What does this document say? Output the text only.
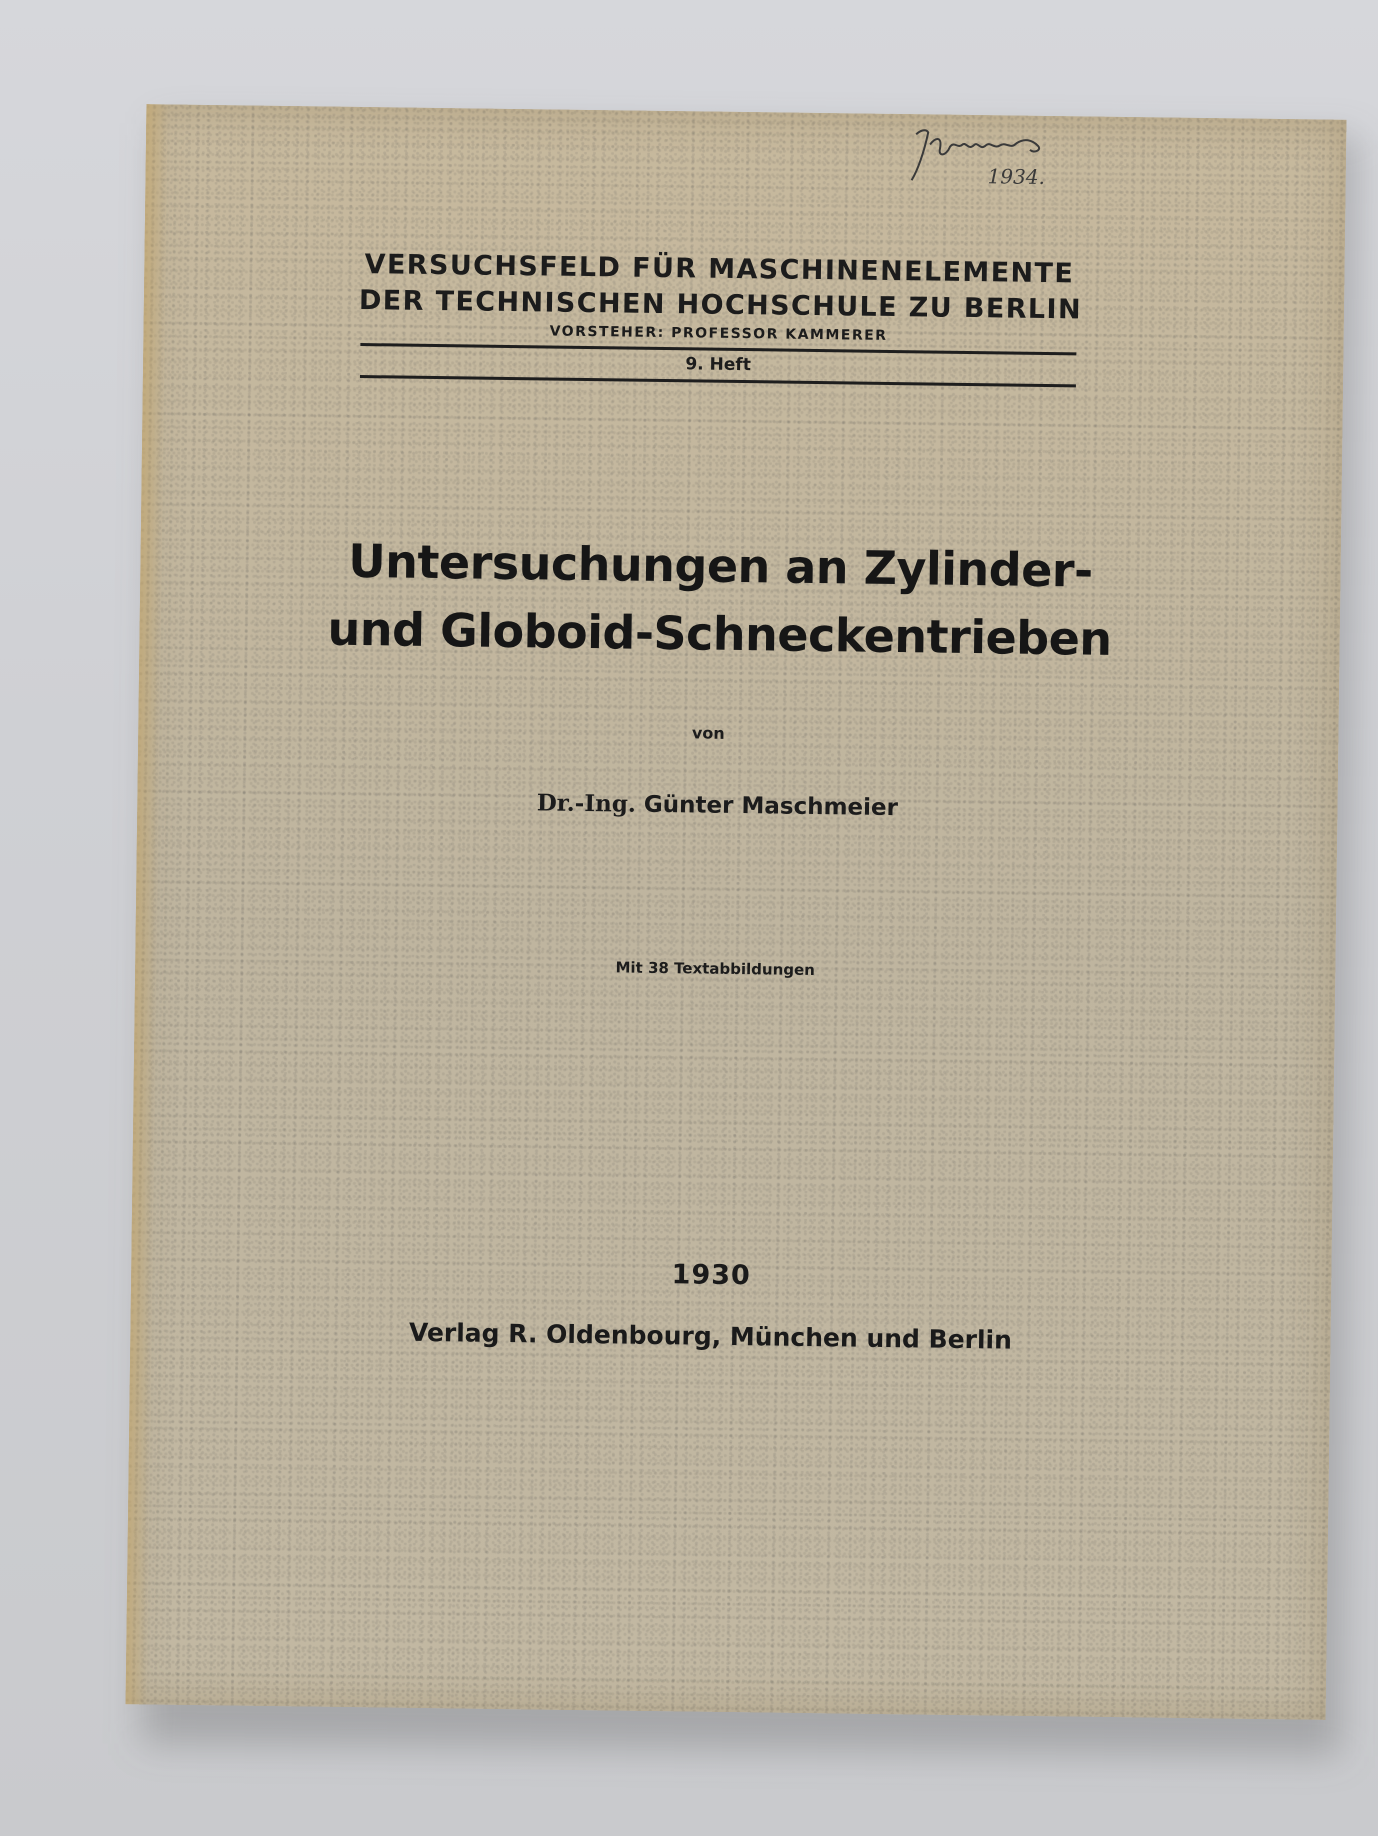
1934.
VERSUCHSFELD FÜR MASCHINENELEMENTE
DER TECHNISCHEN HOCHSCHULE ZU BERLIN
VORSTEHER: PROFESSOR KAMMERER
9. Heft
Untersuchungen an Zylinder-
und Globoid-Schneckentrieben
von
Dr.-Ing. Günter Maschmeier
Mit 38 Textabbildungen
1930
Verlag R. Oldenbourg, München und Berlin
